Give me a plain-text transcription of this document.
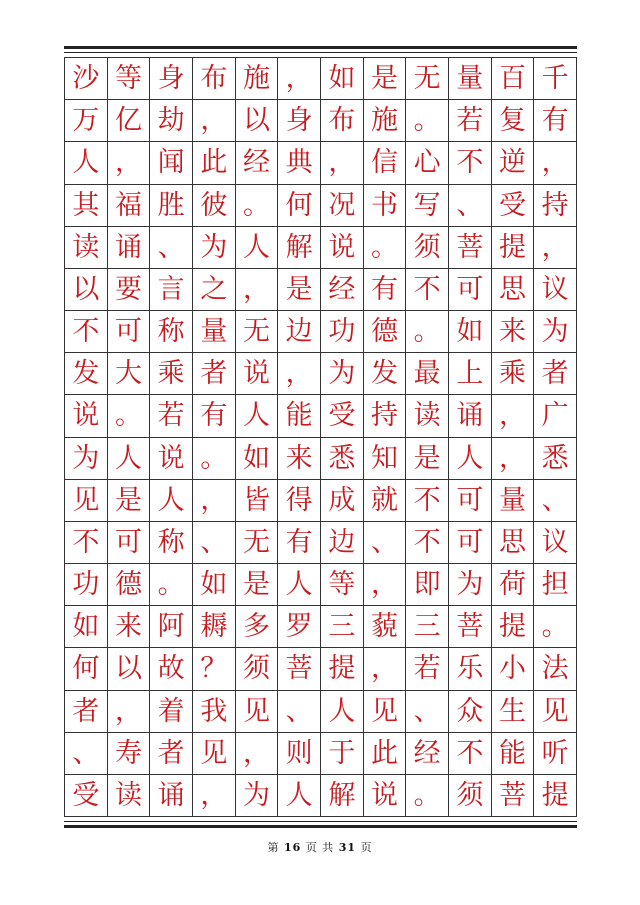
沙 等 身 布 施 ， 如 是 无 量 百 千
万 亿 劫 ， 以 身 布 施 。 若 复 有
人 ， 闻 此 经 典 ， 信 心 不 逆 ，
其 福 胜 彼 。 何 况 书 写 、 受 持
读 诵 、 为 人 解 说 。 须 菩 提 ，
以 要 言 之 ， 是 经 有 不 可 思 议
不 可 称 量 无 边 功 德 。 如 来 为
发 大 乘 者 说 ， 为 发 最 上 乘 者
说 。 若 有 人 能 受 持 读 诵 ， 广
为 人 说 。 如 来 悉 知 是 人 ， 悉
见 是 人 ， 皆 得 成 就 不 可 量 、
不 可 称 、 无 有 边 、 不 可 思 议
功 德 。 如 是 人 等 ， 即 为 荷 担
如 来 阿 耨 多 罗 三 藐 三 菩 提 。
何 以 故 ？ 须 菩 提 ， 若 乐 小 法
者 ， 着 我 见 、 人 见 、 众 生 见
、 寿 者 见 ， 则 于 此 经 不 能 听
受 读 诵 ， 为 人 解 说 。 须 菩 提
第 16 页 共 31 页
